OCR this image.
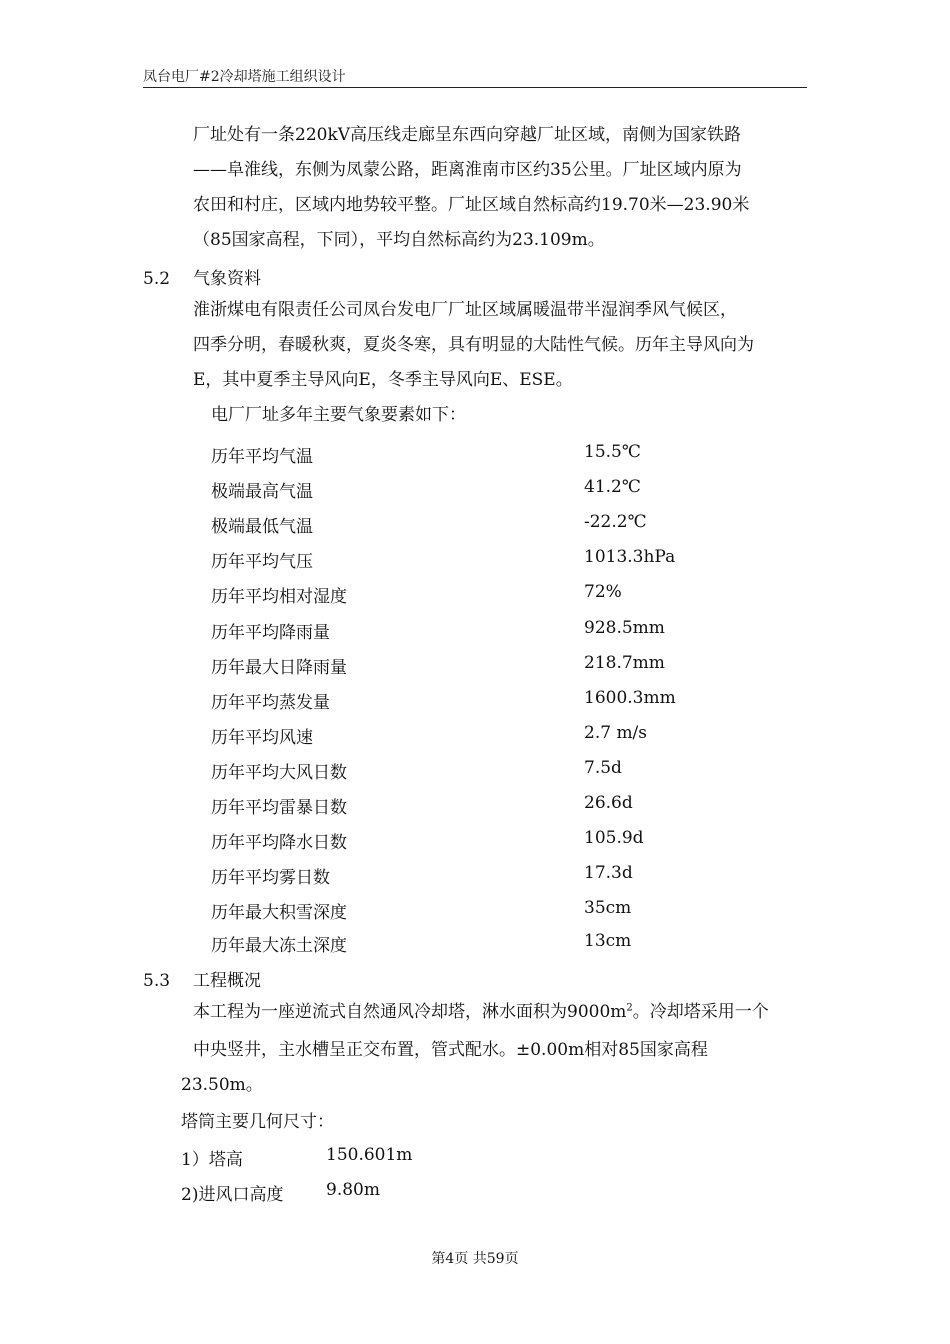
凤台电厂#2冷却塔施工组织设计
厂址处有一条220kV高压线走廊呈东西向穿越厂址区域，南侧为国家铁路
——阜淮线，东侧为凤蒙公路，距离淮南市区约35公里。厂址区域内原为
农田和村庄，区域内地势较平整。厂址区域自然标高约19.70米—23.90米
（85国家高程，下同），平均自然标高约为23.109m。
5.2 气象资料
淮浙煤电有限责任公司凤台发电厂厂址区域属暖温带半湿润季风气候区，
四季分明，春暖秋爽，夏炎冬寒，具有明显的大陆性气候。历年主导风向为
E，其中夏季主导风向E，冬季主导风向E、ESE。
电厂厂址多年主要气象要素如下：
历年平均气温	15.5℃
极端最高气温	41.2℃
极端最低气温	-22.2℃
历年平均气压	1013.3hPa
历年平均相对湿度	72%
历年平均降雨量	928.5mm
历年最大日降雨量	218.7mm
历年平均蒸发量	1600.3mm
历年平均风速	2.7 m/s
历年平均大风日数	7.5d
历年平均雷暴日数	26.6d
历年平均降水日数	105.9d
历年平均雾日数	17.3d
历年最大积雪深度	35cm
历年最大冻土深度	13cm
5.3 工程概况
本工程为一座逆流式自然通风冷却塔，淋水面积为$9000m^2$。冷却塔采用一个
中央竖井，主水槽呈正交布置，管式配水。±0.00m相对85国家高程
23.50m。
塔筒主要几何尺寸：
1）塔高	150.601m
2)进风口高度	9.80m
第4页 共59页
